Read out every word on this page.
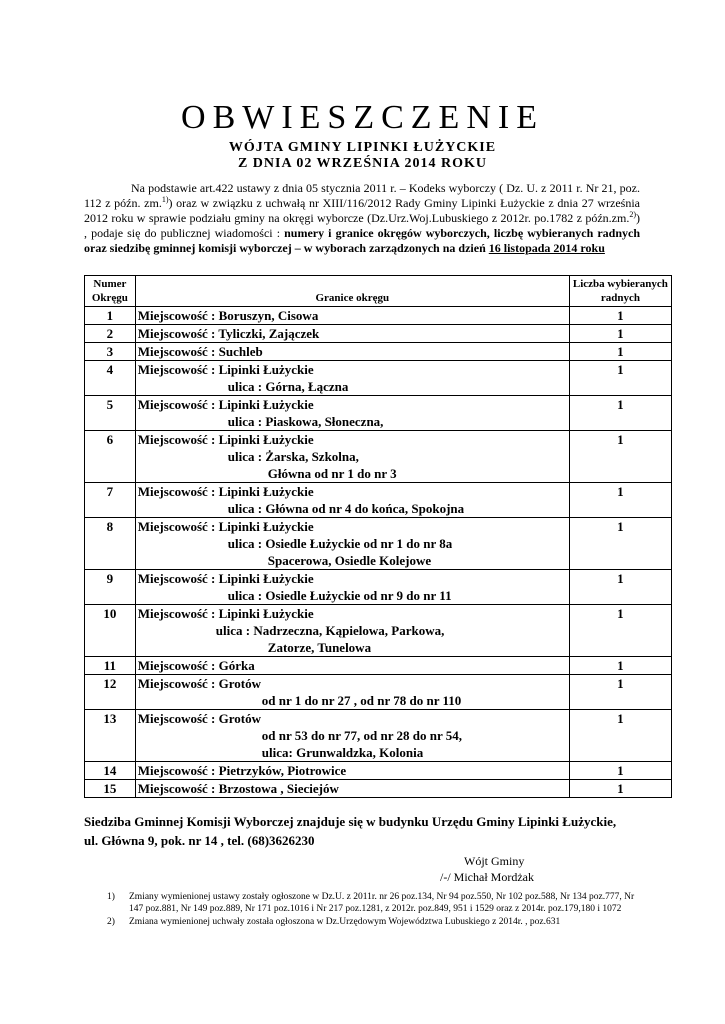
OBWIESZCZENIE
WÓJTA GMINY LIPINKI ŁUŻYCKIE
Z DNIA 02 WRZEŚNIA 2014 ROKU

Na podstawie art.422 ustawy z dnia 05 stycznia 2011 r. – Kodeks wyborczy ( Dz. U. z 2011 r. Nr 21, poz. 112 z późn. zm.$^{1)}$) oraz w związku z uchwałą nr XIII/116/2012 Rady Gminy Lipinki Łużyckie z dnia 27 września 2012 roku w sprawie podziału gminy na okręgi wyborcze (Dz.Urz.Woj.Lubuskiego z 2012r. po.1782 z późn.zm.$^{2)}$) , podaje się do publicznej wiadomości : numery i granice okręgów wyborczych, liczbę wybieranych radnych oraz siedzibę gminnej komisji wyborczej – w wyborach zarządzonych na dzień 16 listopada 2014 roku

Numer Okręgu	Granice okręgu	Liczba wybieranych radnych
1	Miejscowość : Boruszyn, Cisowa	1
2	Miejscowość : Tyliczki, Zajączek	1
3	Miejscowość : Suchleb	1
4	Miejscowość : Lipinki Łużyckie
ulica : Górna, Łączna	1
5	Miejscowość : Lipinki Łużyckie
ulica : Piaskowa, Słoneczna,	1
6	Miejscowość : Lipinki Łużyckie
ulica : Żarska, Szkolna,
Główna od nr 1 do nr 3	1
7	Miejscowość : Lipinki Łużyckie
ulica : Główna od nr 4 do końca, Spokojna	1
8	Miejscowość : Lipinki Łużyckie
ulica : Osiedle Łużyckie od nr 1 do nr 8a
Spacerowa, Osiedle Kolejowe	1
9	Miejscowość : Lipinki Łużyckie
ulica : Osiedle Łużyckie od nr 9 do nr 11	1
10	Miejscowość : Lipinki Łużyckie
ulica : Nadrzeczna, Kąpielowa, Parkowa,
Zatorze, Tunelowa	1
11	Miejscowość : Górka	1
12	Miejscowość : Grotów
od nr 1 do nr 27 , od nr 78 do nr 110	1
13	Miejscowość : Grotów
od nr 53 do nr 77, od nr 28 do nr 54,
ulica: Grunwaldzka, Kolonia	1
14	Miejscowość : Pietrzyków, Piotrowice	1
15	Miejscowość : Brzostowa , Sieciejów	1
Siedziba Gminnej Komisji Wyborczej znajduje się w budynku Urzędu Gminy Lipinki Łużyckie,
ul. Główna 9, pok. nr 14 , tel. (68)3626230
Wójt Gminy
/-/ Michał Mordżak
1) Zmiany wymienionej ustawy zostały ogłoszone w Dz.U. z 2011r. nr 26 poz.134, Nr 94 poz.550, Nr 102 poz.588, Nr 134 poz.777, Nr 147 poz.881, Nr 149 poz.889, Nr 171 poz.1016 i Nr 217 poz.1281, z 2012r. poz.849, 951 i 1529 oraz z 2014r. poz.179,180 i 1072
2) Zmiana wymienionej uchwały została ogłoszona w Dz.Urzędowym Województwa Lubuskiego z 2014r. , poz.631
